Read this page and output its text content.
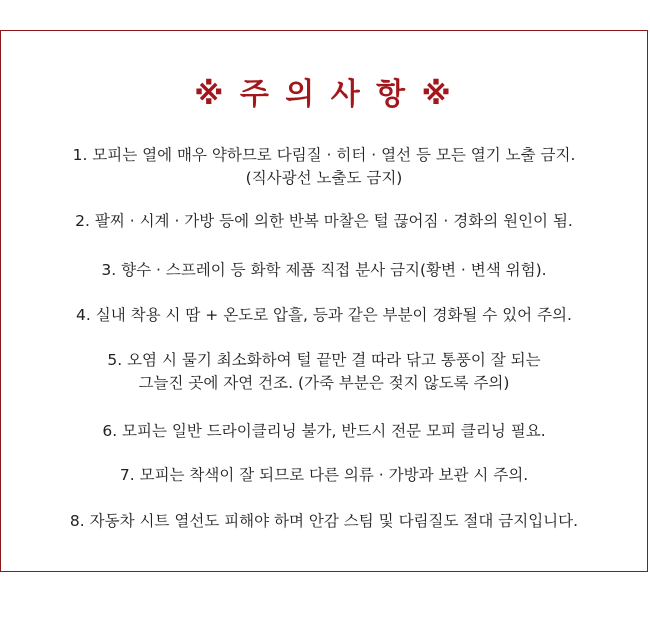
※ 주 의 사 항 ※
1. 모피는 열에 매우 약하므로 다림질 · 히터 · 열선 등 모든 열기 노출 금지.
(직사광선 노출도 금지)
2. 팔찌 · 시계 · 가방 등에 의한 반복 마찰은 털 끊어짐 · 경화의 원인이 됨.
3. 향수 · 스프레이 등 화학 제품 직접 분사 금지(황변 · 변색 위험).
4. 실내 착용 시 땀 + 온도로 압흘, 등과 같은 부분이 경화될 수 있어 주의.
5. 오염 시 물기 최소화하여 털 끝만 결 따라 닦고 통풍이 잘 되는
그늘진 곳에 자연 건조. (가죽 부분은 젖지 않도록 주의)
6. 모피는 일반 드라이클리닝 불가, 반드시 전문 모피 클리닝 필요.
7. 모피는 착색이 잘 되므로 다른 의류 · 가방과 보관 시 주의.
8. 자동차 시트 열선도 피해야 하며 안감 스팀 및 다림질도 절대 금지입니다.
